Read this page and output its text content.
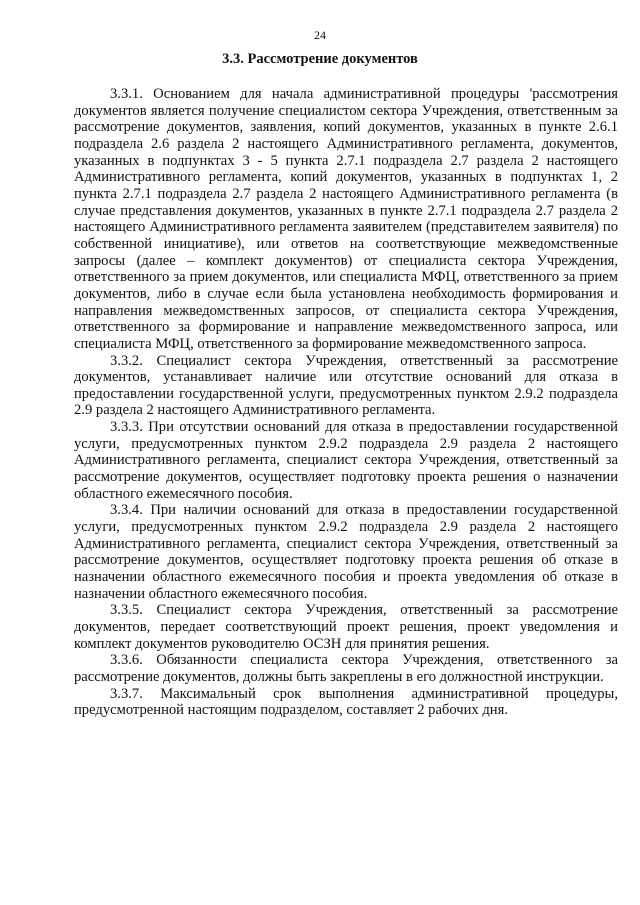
24
3.3. Рассмотрение документов

3.3.1. Основанием для начала административной процедуры 'рассмотрения документов является получение специалистом сектора Учреждения, ответственным за рассмотрение документов, заявления, копий документов, указанных в пункте 2.6.1 подраздела 2.6 раздела 2 настоящего Административного регламента, документов, указанных в подпунктах 3 - 5 пункта 2.7.1 подраздела 2.7 раздела 2 настоящего Административного регламента, копий документов, указанных в подпунктах 1, 2 пункта 2.7.1 подраздела 2.7 раздела 2 настоящего Административного регламента (в случае представления документов, указанных в пункте 2.7.1 подраздела 2.7 раздела 2 настоящего Административного регламента заявителем (представителем заявителя) по собственной инициативе), или ответов на соответствующие межведомственные запросы (далее – комплект документов) от специалиста сектора Учреждения, ответственного за прием документов, или специалиста МФЦ, ответственного за прием документов, либо в случае если была установлена необходимость формирования и направления межведомственных запросов, от специалиста сектора Учреждения, ответственного за формирование и направление межведомственного запроса, или специалиста МФЦ, ответственного за формирование межведомственного запроса.

3.3.2. Специалист сектора Учреждения, ответственный за рассмотрение документов, устанавливает наличие или отсутствие оснований для отказа в предоставлении государственной услуги, предусмотренных пунктом 2.9.2 подраздела 2.9 раздела 2 настоящего Административного регламента.

3.3.3. При отсутствии оснований для отказа в предоставлении государственной услуги, предусмотренных пунктом 2.9.2 подраздела 2.9 раздела 2 настоящего Административного регламента, специалист сектора Учреждения, ответственный за рассмотрение документов, осуществляет подготовку проекта решения о назначении областного ежемесячного пособия.

3.3.4. При наличии оснований для отказа в предоставлении государственной услуги, предусмотренных пунктом 2.9.2 подраздела 2.9 раздела 2 настоящего Административного регламента, специалист сектора Учреждения, ответственный за рассмотрение документов, осуществляет подготовку проекта решения об отказе в назначении областного ежемесячного пособия и проекта уведомления об отказе в назначении областного ежемесячного пособия.

3.3.5. Специалист сектора Учреждения, ответственный за рассмотрение документов, передает соответствующий проект решения, проект уведомления и комплект документов руководителю ОСЗН для принятия решения.

3.3.6. Обязанности специалиста сектора Учреждения, ответственного за рассмотрение документов, должны быть закреплены в его должностной инструкции.

3.3.7. Максимальный срок выполнения административной процедуры, предусмотренной настоящим подразделом, составляет 2 рабочих дня.
